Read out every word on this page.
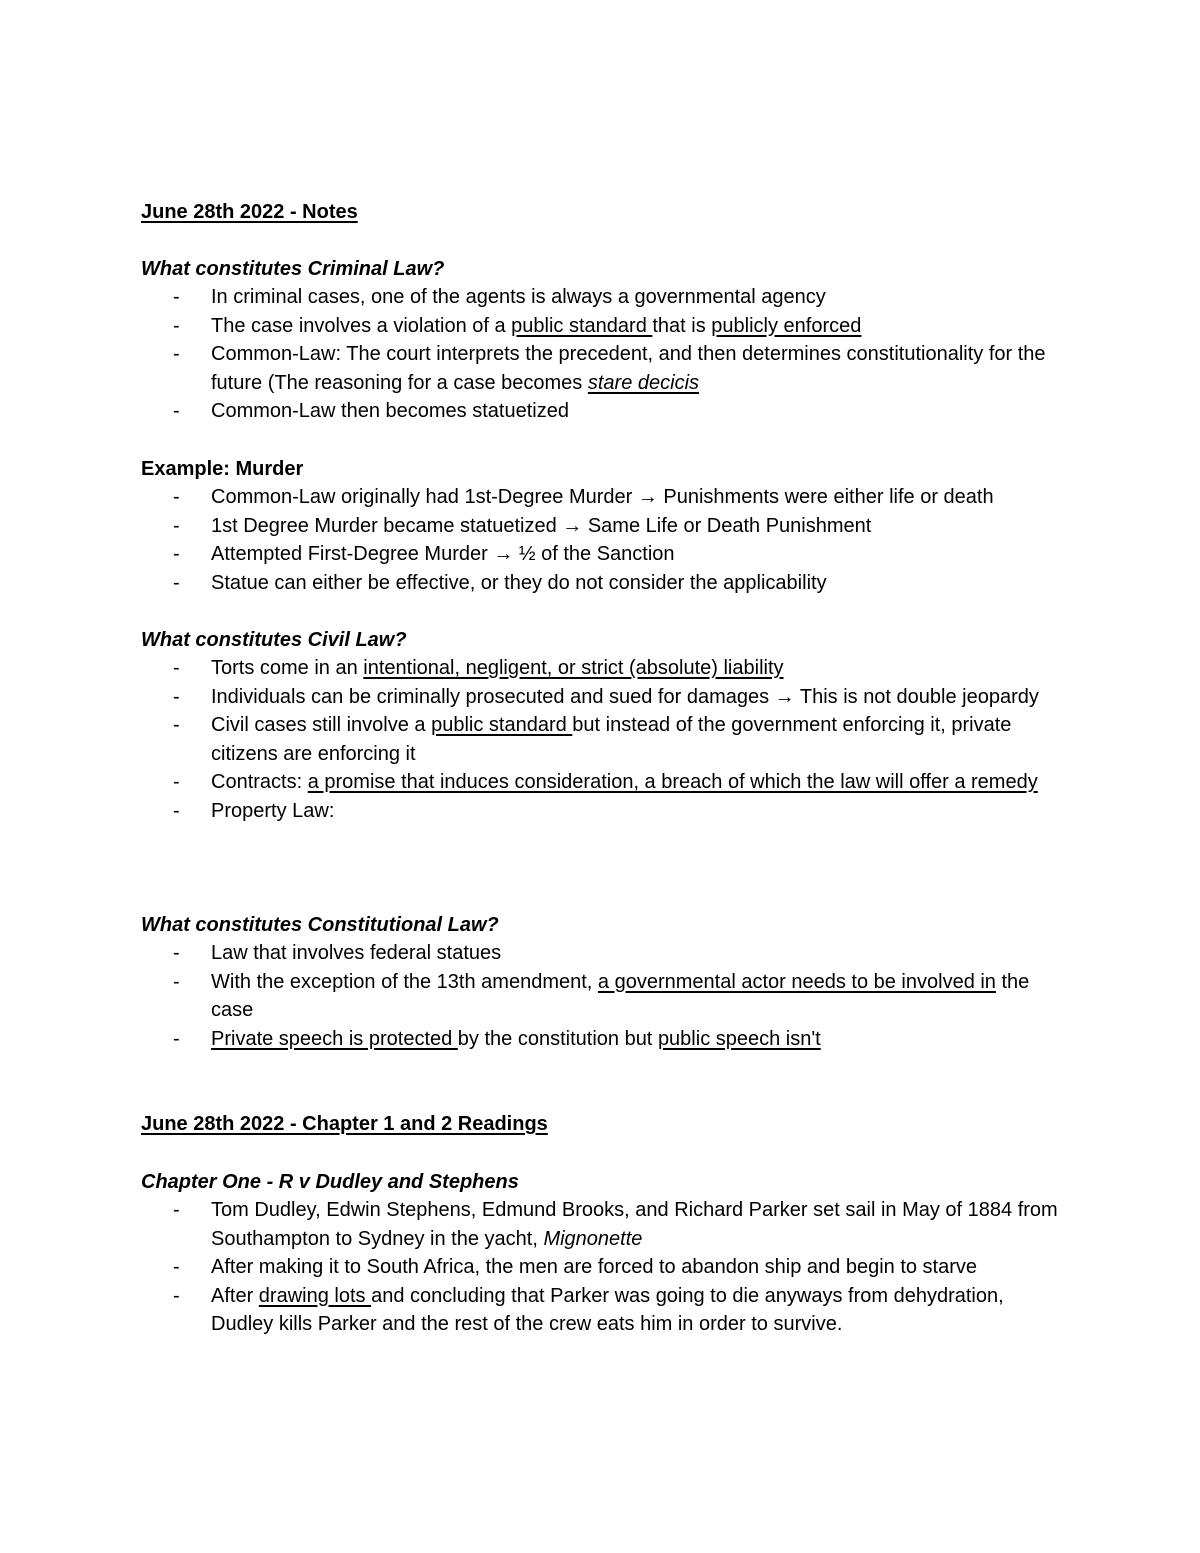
June 28th 2022 - Notes
What constitutes Criminal Law?
- In criminal cases, one of the agents is always a governmental agency
- The case involves a violation of a public standard that is publicly enforced
- Common-Law: The court interprets the precedent, and then determines constitutionality for the future (The reasoning for a case becomes stare decicis
- Common-Law then becomes statuetized
Example: Murder
- Common-Law originally had 1st-Degree Murder → Punishments were either life or death
- 1st Degree Murder became statuetized → Same Life or Death Punishment
- Attempted First-Degree Murder → ½ of the Sanction
- Statue can either be effective, or they do not consider the applicability
What constitutes Civil Law?
- Torts come in an intentional, negligent, or strict (absolute) liability
- Individuals can be criminally prosecuted and sued for damages → This is not double jeopardy
- Civil cases still involve a public standard but instead of the government enforcing it, private citizens are enforcing it
- Contracts: a promise that induces consideration, a breach of which the law will offer a remedy
- Property Law:
What constitutes Constitutional Law?
- Law that involves federal statues
- With the exception of the 13th amendment, a governmental actor needs to be involved in the case
- Private speech is protected by the constitution but public speech isn't
June 28th 2022 - Chapter 1 and 2 Readings
Chapter One - R v Dudley and Stephens
- Tom Dudley, Edwin Stephens, Edmund Brooks, and Richard Parker set sail in May of 1884 from Southampton to Sydney in the yacht, Mignonette
- After making it to South Africa, the men are forced to abandon ship and begin to starve
- After drawing lots and concluding that Parker was going to die anyways from dehydration, Dudley kills Parker and the rest of the crew eats him in order to survive.
